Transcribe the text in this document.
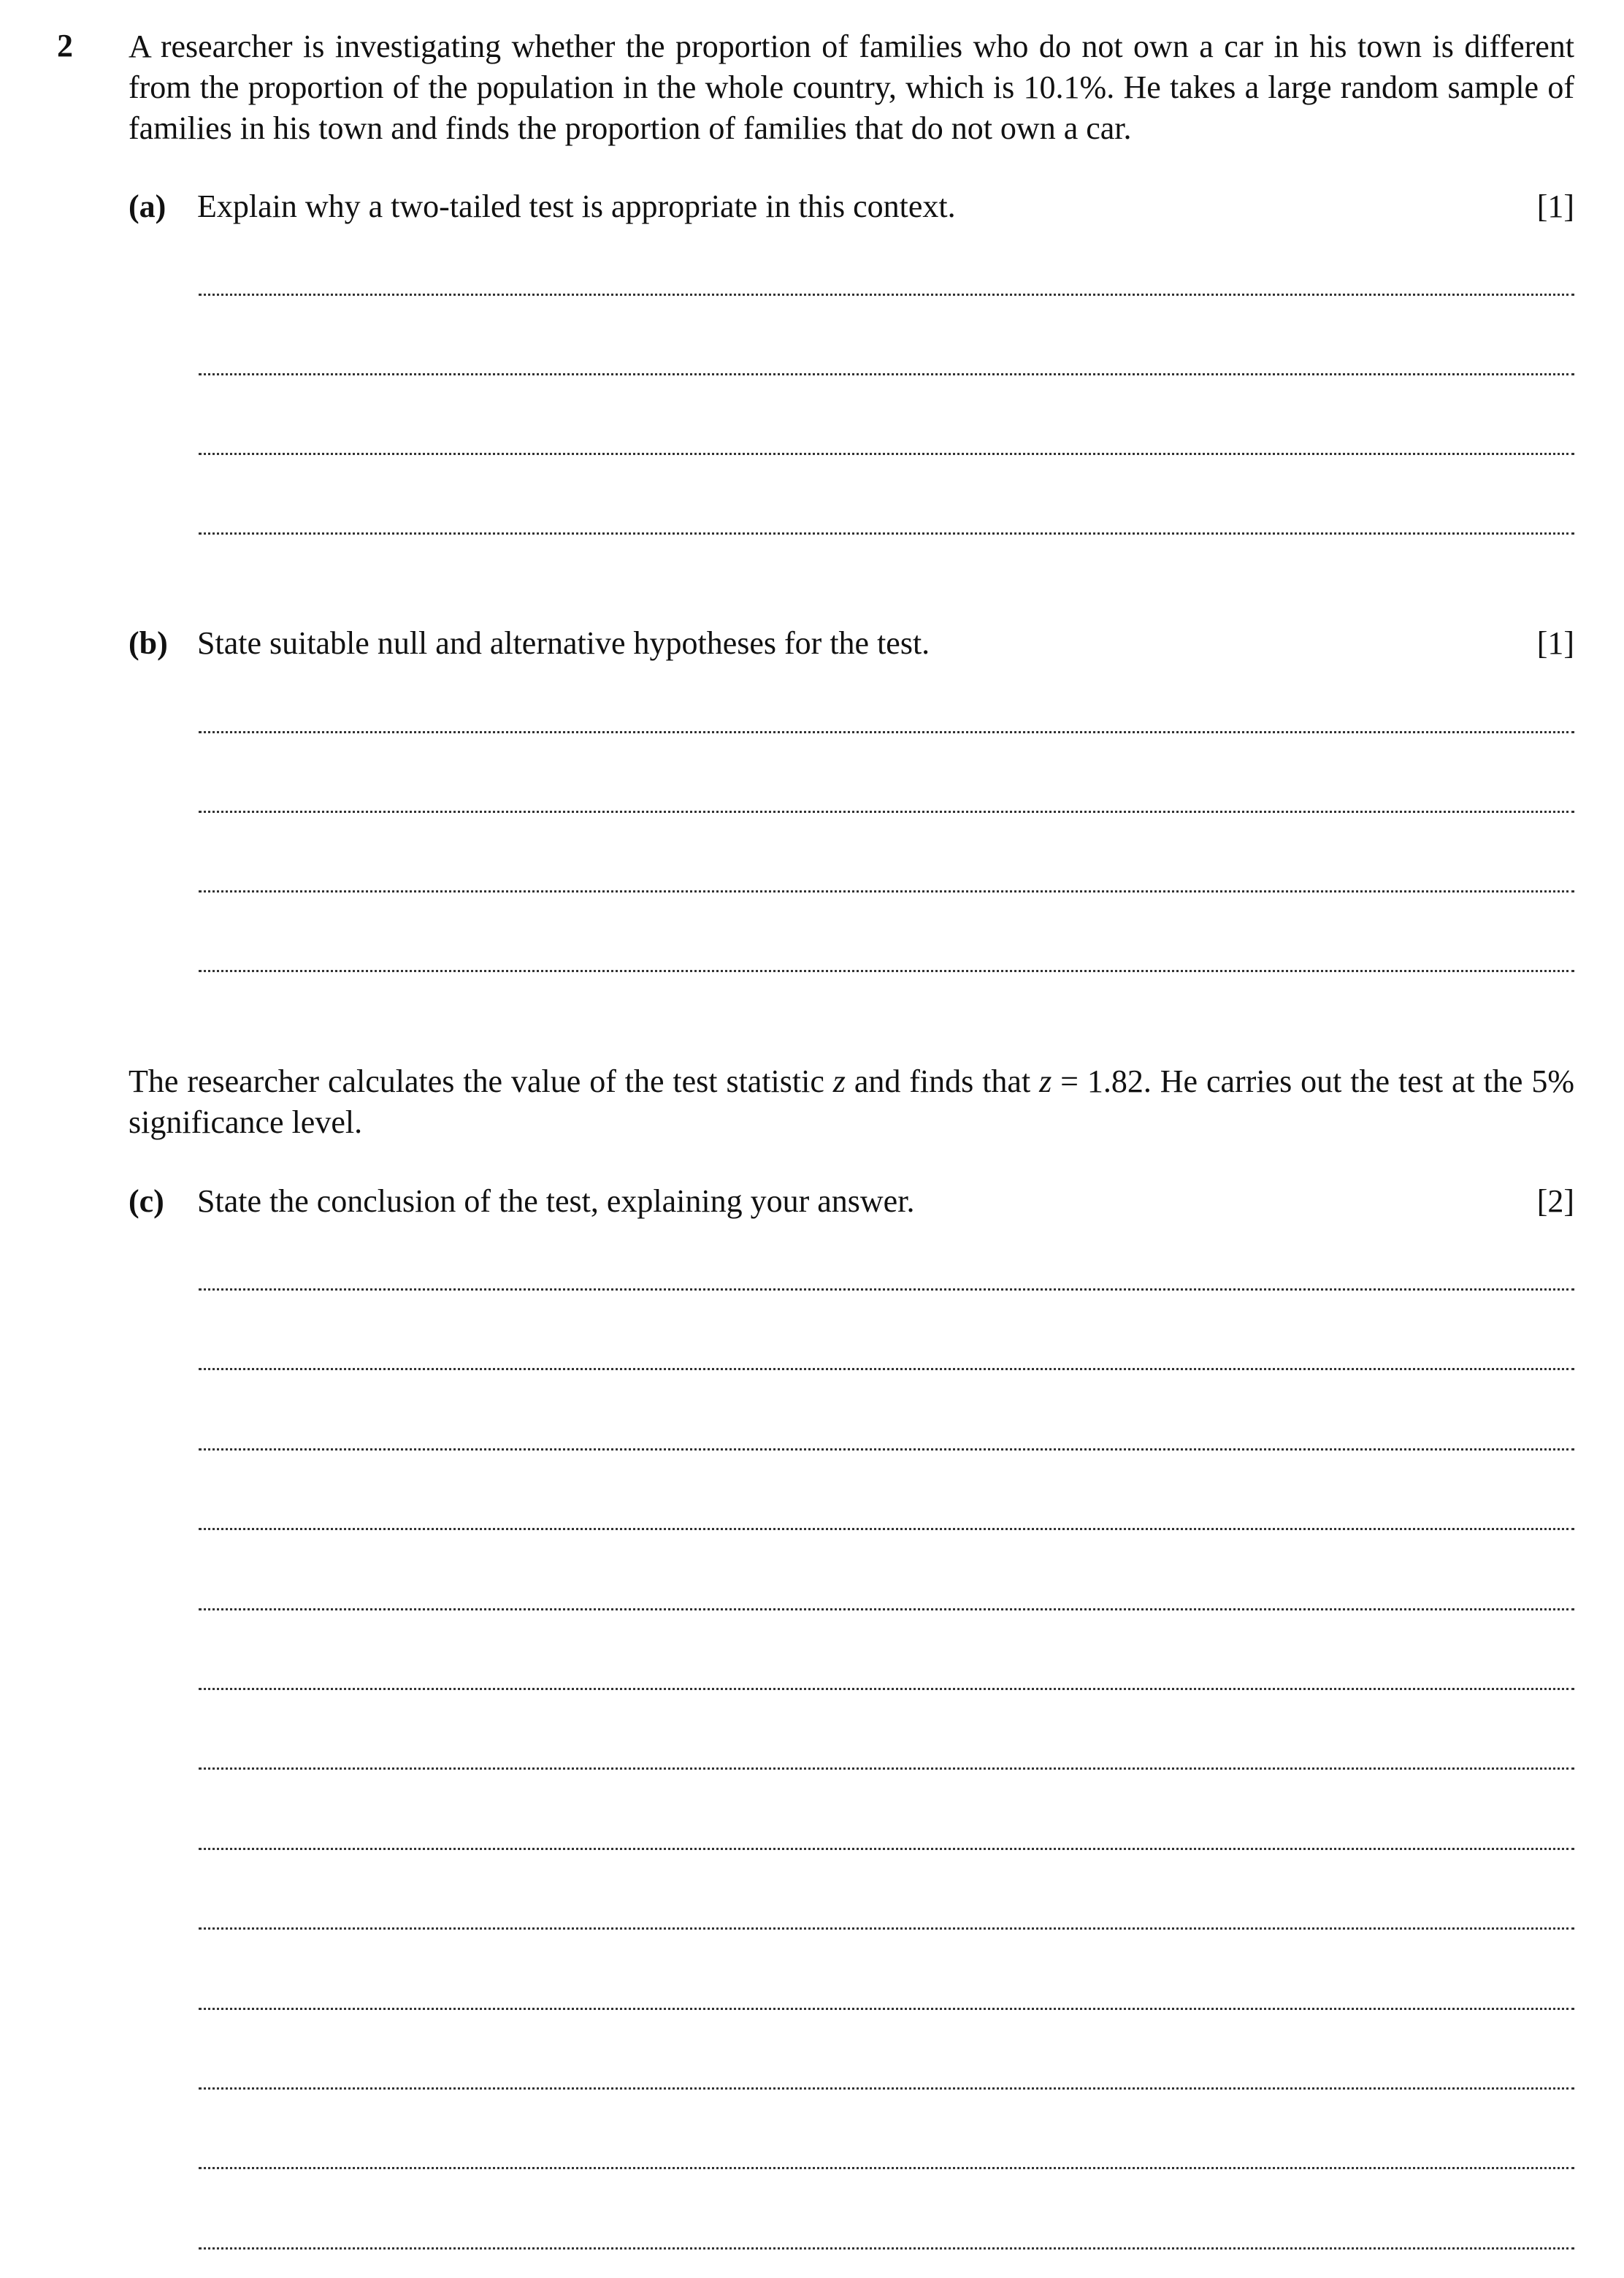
2 A researcher is investigating whether the proportion of families who do not own a car in his town is different from the proportion of the population in the whole country, which is 10.1%. He takes a large random sample of families in his town and finds the proportion of families that do not own a car.
(a) Explain why a two-tailed test is appropriate in this context.	[1]
(b) State suitable null and alternative hypotheses for the test.	[1]
The researcher calculates the value of the test statistic z and finds that z = 1.82. He carries out the test at the 5% significance level.
(c) State the conclusion of the test, explaining your answer.	[2]
